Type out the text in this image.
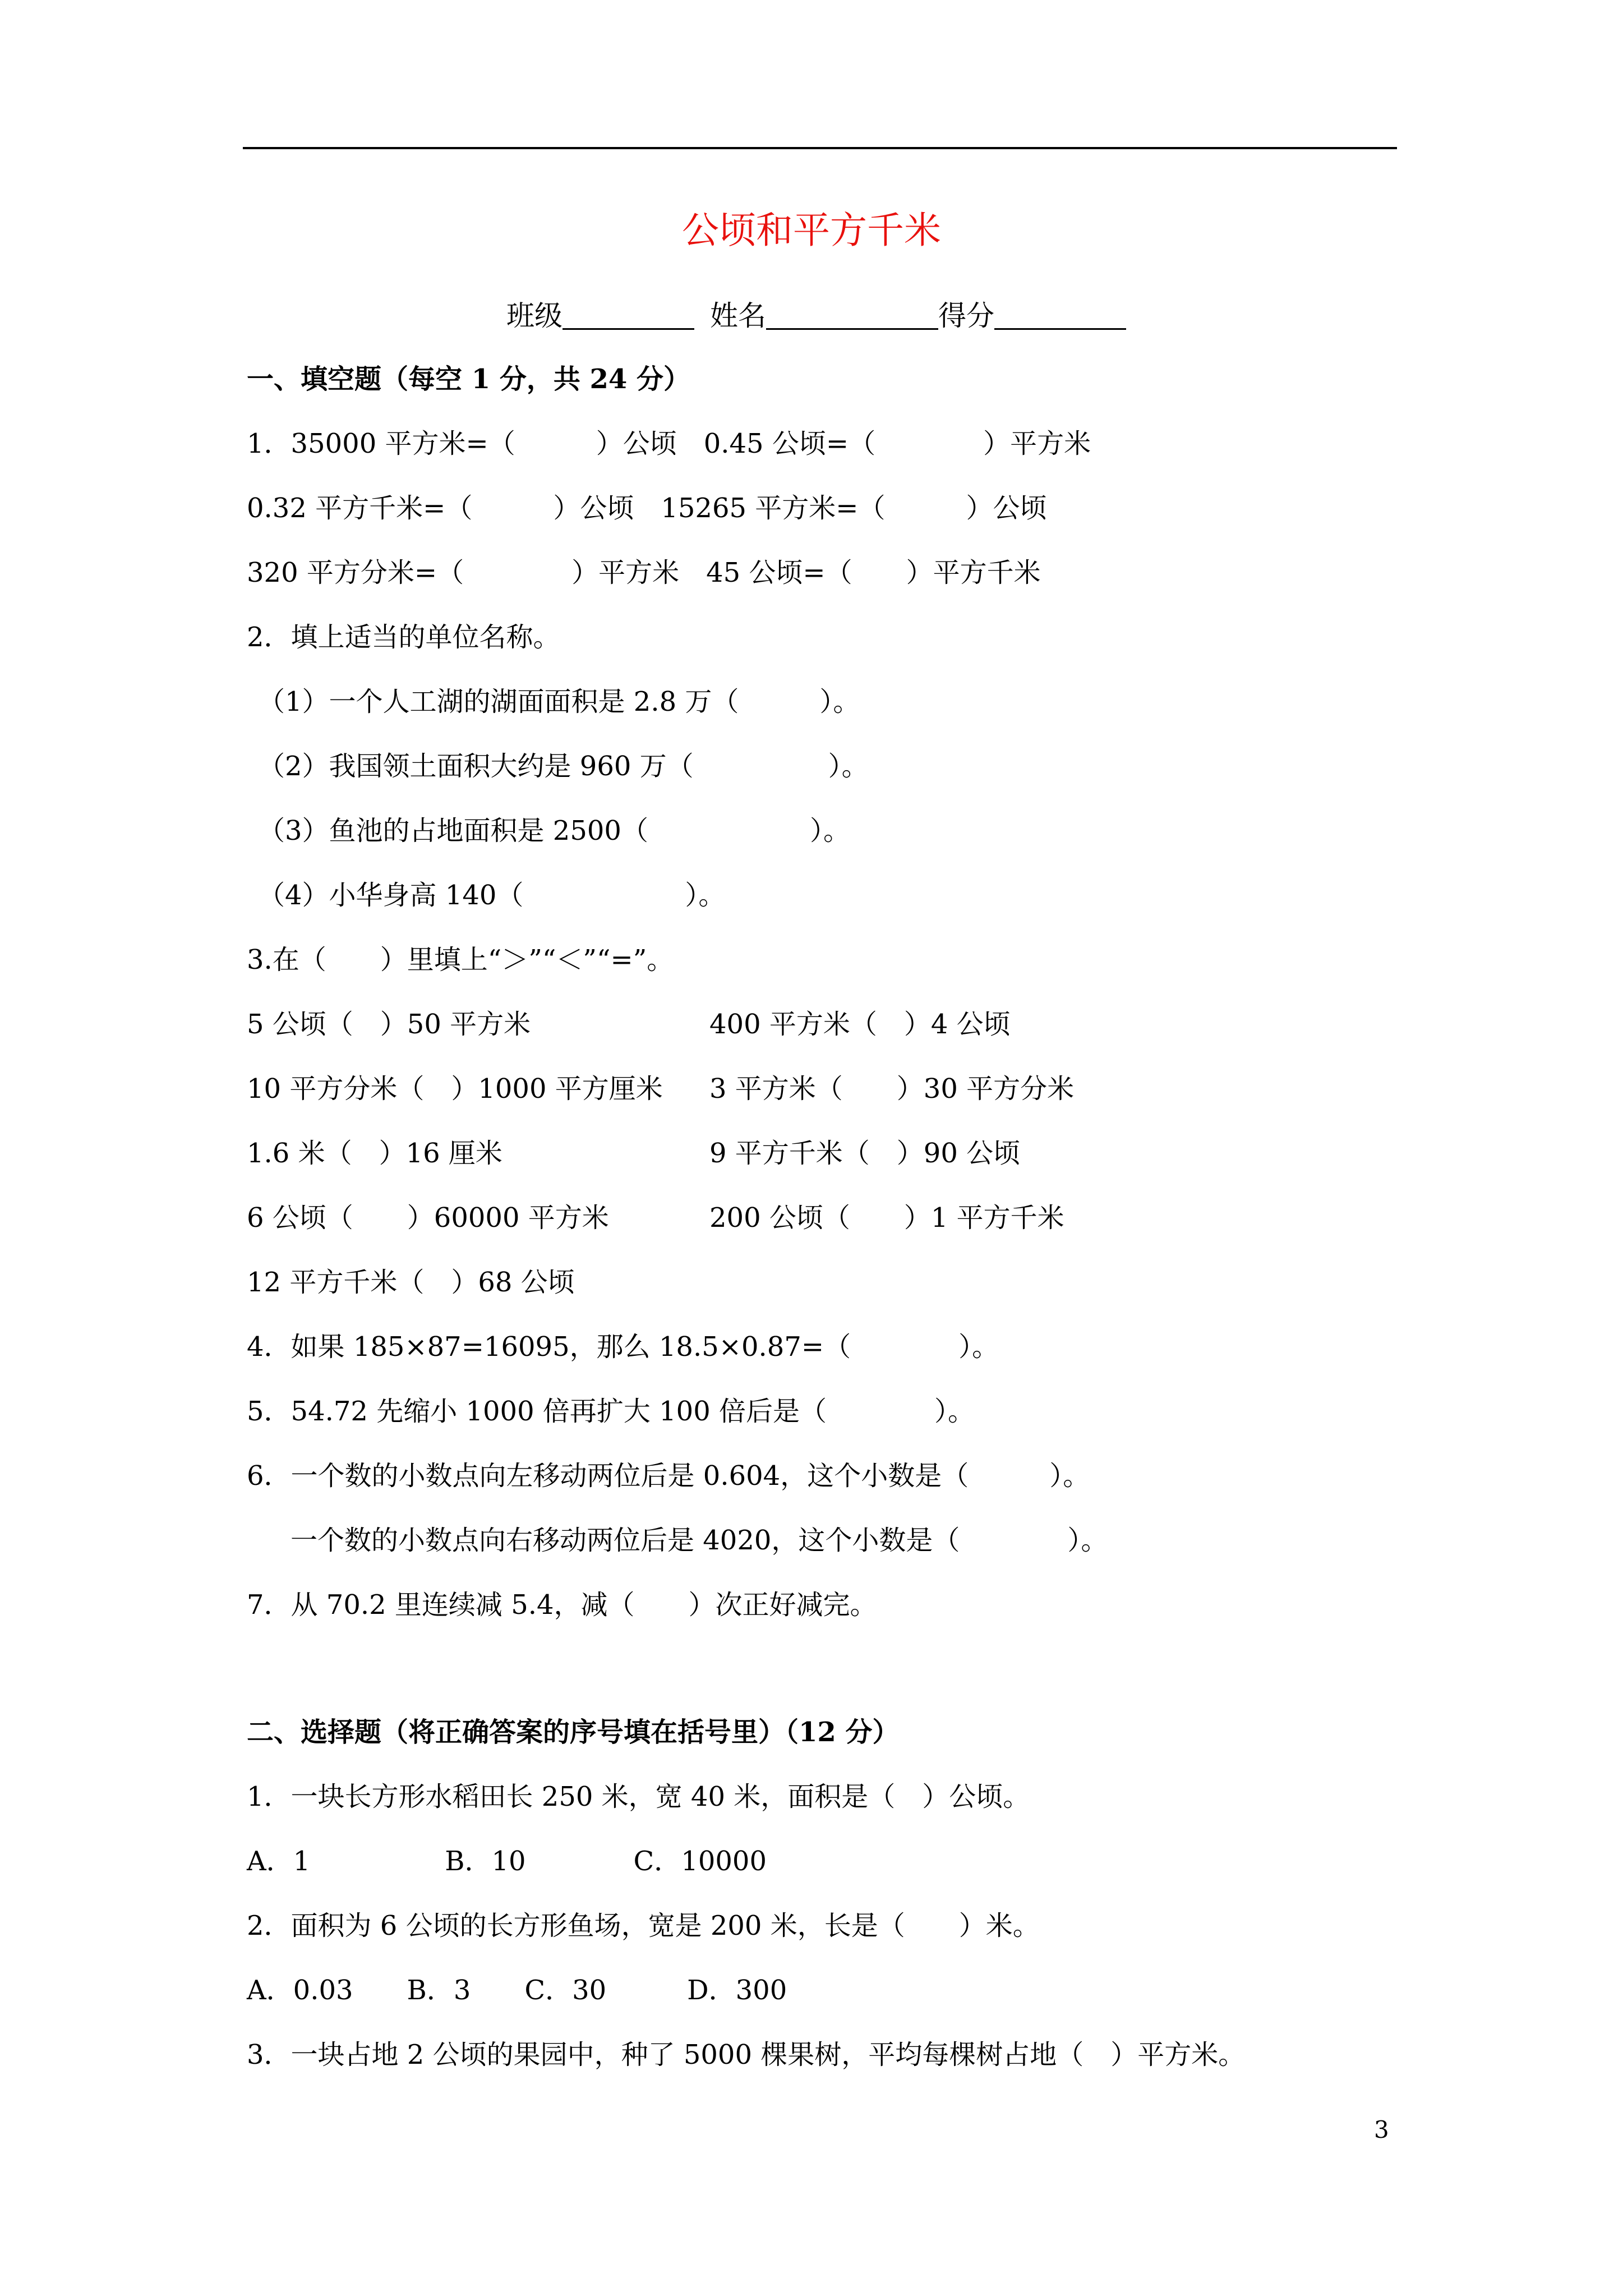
公顷和平方千米
班级	姓名	得分
一、填空题（每空 1 分，共 24 分）
1．35000 平方米=（　　　）公顷　0.45 公顷=（　　　　）平方米
0.32 平方千米=（　　　）公顷　15265 平方米=（　　　）公顷
320 平方分米=（　　　　）平方米　45 公顷=（　　）平方千米
2．填上适当的单位名称。
（1）一个人工湖的湖面面积是 2.8 万（　　　）。
（2）我国领土面积大约是 960 万（　　　　　）。
（3）鱼池的占地面积是 2500（　　　　　　）。
（4）小华身高 140（　　　　　　）。
3.在（　　）里填上“＞”“＜”“=”。
5 公顷（　）50 平方米	400 平方米（　）4 公顷
10 平方分米（　）1000 平方厘米 3 平方米（　　）30 平方分米
1.6 米（　）16 厘米	9 平方千米（　）90 公顷
6 公顷（　　）60000 平方米	200 公顷（　　）1 平方千米
12 平方千米（　）68 公顷
4．如果 185×87=16095，那么 18.5×0.87=（　　　　）。
5．54.72 先缩小 1000 倍再扩大 100 倍后是（　　　　）。
6．一个数的小数点向左移动两位后是 0.604，这个小数是（　　　）。
一个数的小数点向右移动两位后是 4020，这个小数是（　　　　）。
7．从 70.2 里连续减 5.4，减（　　）次正好减完。
二、选择题（将正确答案的序号填在括号里）（12 分）
1．一块长方形水稻田长 250 米，宽 40 米，面积是（　）公顷。
A．1　　　　　B．10　　　　C．10000
2．面积为 6 公顷的长方形鱼场，宽是 200 米，长是（　　）米。
A．0.03　　B．3　　C．30　　　D．300
3．一块占地 2 公顷的果园中，种了 5000 棵果树，平均每棵树占地（　）平方米。
3
